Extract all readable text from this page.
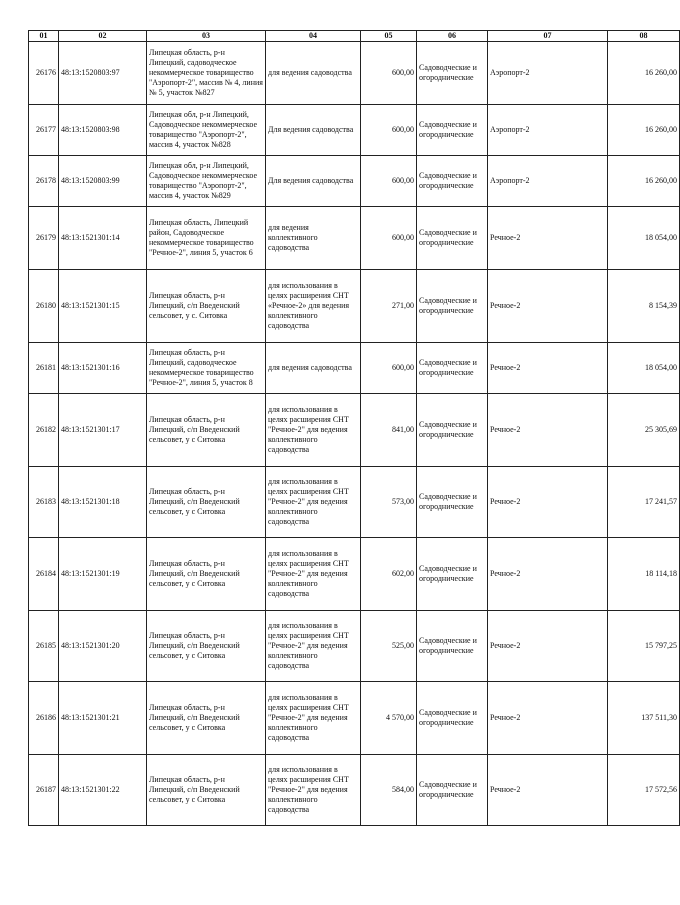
01	02	03	04	05	06	07	08

26176	48:13:1520803:97	Липецкая область, р-н Липецкий, садоводческое некоммерческое товарищество "Аэропорт-2", массив № 4, линия № 5, участок №827	для ведения садоводства	600,00	Садоводческие и огороднические	Аэропорт-2	16 260,00

26177	48:13:1520803:98	Липецкая обл, р-н Липецкий, Садоводческое некоммерческое товарищество "Аэропорт-2", массив 4, участок №828	Для ведения садоводства	600,00	Садоводческие и огороднические	Аэропорт-2	16 260,00

26178	48:13:1520803:99	Липецкая обл, р-н Липецкий, Садоводческое некоммерческое товарищество "Аэропорт-2", массив 4, участок №829	Для ведения садоводства	600,00	Садоводческие и огороднические	Аэропорт-2	16 260,00

26179	48:13:1521301:14	Липецкая область, Липецкий район, Садоводческое некоммерческое товарищество "Речное-2", линия 5, участок 6	для ведения коллективного садоводства	600,00	Садоводческие и огороднические	Речное-2	18 054,00

26180	48:13:1521301:15	Липецкая область, р-н Липецкий, с/п Введенский сельсовет, у с. Ситовка	для использования в целях расширения СНТ «Речное-2» для ведения коллективного садоводства	271,00	Садоводческие и огороднические	Речное-2	8 154,39

26181	48:13:1521301:16	Липецкая область, р-н Липецкий, садоводческое некоммерческое товарищество "Речное-2", линия 5, участок 8	для ведения садоводства	600,00	Садоводческие и огороднические	Речное-2	18 054,00

26182	48:13:1521301:17	Липецкая область, р-н Липецкий, с/п Введенский сельсовет, у с Ситовка	для использования в целях расширения СНТ "Речное-2" для ведения коллективного садоводства	841,00	Садоводческие и огороднические	Речное-2	25 305,69

26183	48:13:1521301:18	Липецкая область, р-н Липецкий, с/п Введенский сельсовет, у с Ситовка	для использования в целях расширения СНТ "Речное-2" для ведения коллективного садоводства	573,00	Садоводческие и огороднические	Речное-2	17 241,57

26184	48:13:1521301:19	Липецкая область, р-н Липецкий, с/п Введенский сельсовет, у с Ситовка	для использования в целях расширения СНТ "Речное-2" для ведения коллективного садоводства	602,00	Садоводческие и огороднические	Речное-2	18 114,18

26185	48:13:1521301:20	Липецкая область, р-н Липецкий, с/п Введенский сельсовет, у с Ситовка	для использования в целях расширения СНТ "Речное-2" для ведения коллективного садоводства	525,00	Садоводческие и огороднические	Речное-2	15 797,25

26186	48:13:1521301:21	Липецкая область, р-н Липецкий, с/п Введенский сельсовет, у с Ситовка	для использования в целях расширения СНТ "Речное-2" для ведения коллективного садоводства	4 570,00	Садоводческие и огороднические	Речное-2	137 511,30

26187	48:13:1521301:22	Липецкая область, р-н Липецкий, с/п Введенский сельсовет, у с Ситовка	для использования в целях расширения СНТ "Речное-2" для ведения коллективного садоводства	584,00	Садоводческие и огороднические	Речное-2	17 572,56
